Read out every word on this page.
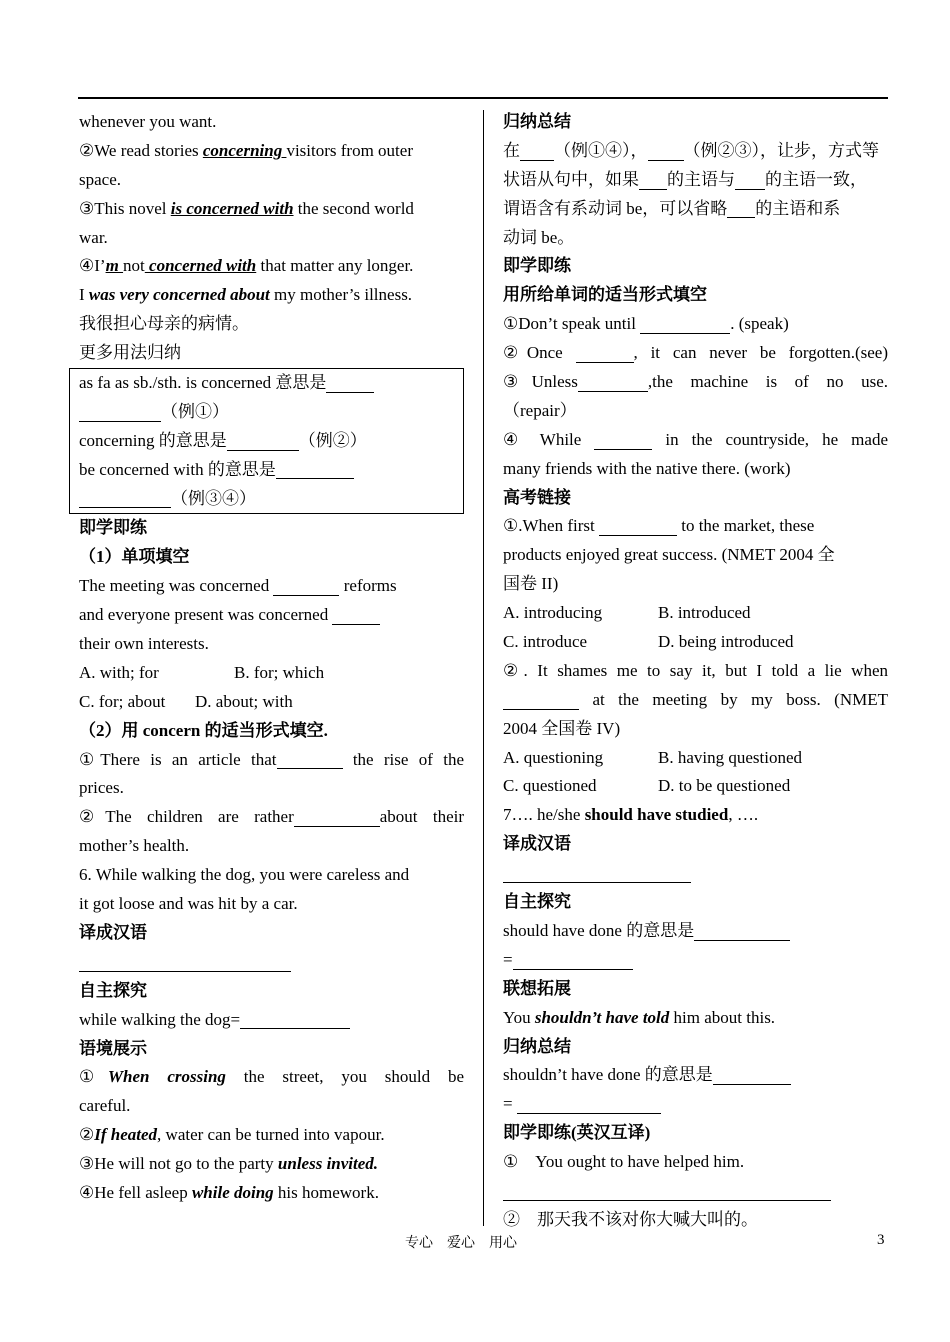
whenever you want.
②We read stories concerning visitors from outer
space.
③This novel is concerned with the second world
war.
④I’m not concerned with that matter any longer.
I was very concerned about my mother’s illness.
我很担心母亲的病情。
更多用法归纳
as fa as sb./sth. is concerned 意思是
（例①）
concerning 的意思是	（例②）
be concerned with 的意思是
（例③④）
即学即练
（1）单项填空
The meeting was concerned	reforms
and everyone present was concerned
their own interests.
A. with; for	B. for; which
C. for; about D. about; with
（2）用 concern 的适当形式填空.
①There is an article that	the rise of the
prices.
②The children are rather	about their
mother’s health.
6. While walking the dog, you were careless and
it got loose and was hit by a car.
译成汉语
自主探究
while walking the dog=
语境展示
①When crossing the street, you should be
careful.
②If heated, water can be turned into vapour.
③He will not go to the party unless invited.
④He fell asleep while doing his homework.
归纳总结
在 （例①④）， （例②③），让步，方式等
状语从句中，如果 的主语与 的主语一致，
谓语含有系动词 be，可以省略 的主语和系
动词 be。
即学即练
用所给单词的适当形式填空
①Don’t speak until	. (speak)
②Once	, it can never be forgotten.(see)
③Unless	,the machine is of no use.
（repair）
④ While	in the countryside, he made
many friends with the native there. (work)
高考链接
①.When first	to the market, these
products enjoyed great success. (NMET 2004 全
国卷 II)
A. introducing	B. introduced
C. introduce	D. being introduced
②. It shames me to say it, but I told a lie when
at the meeting by my boss. (NMET
2004 全国卷 IV)
A. questioning	B. having questioned
C. questioned	D. to be questioned
7…. he/she should have studied, ….
译成汉语
自主探究
should have done 的意思是
=
联想拓展
You shouldn’t have told him about this.
归纳总结
shouldn’t have done 的意思是
=
即学即练(英汉互译)
①　You ought to have helped him.
②　那天我不该对你大喊大叫的。
专心　爱心　用心	3
